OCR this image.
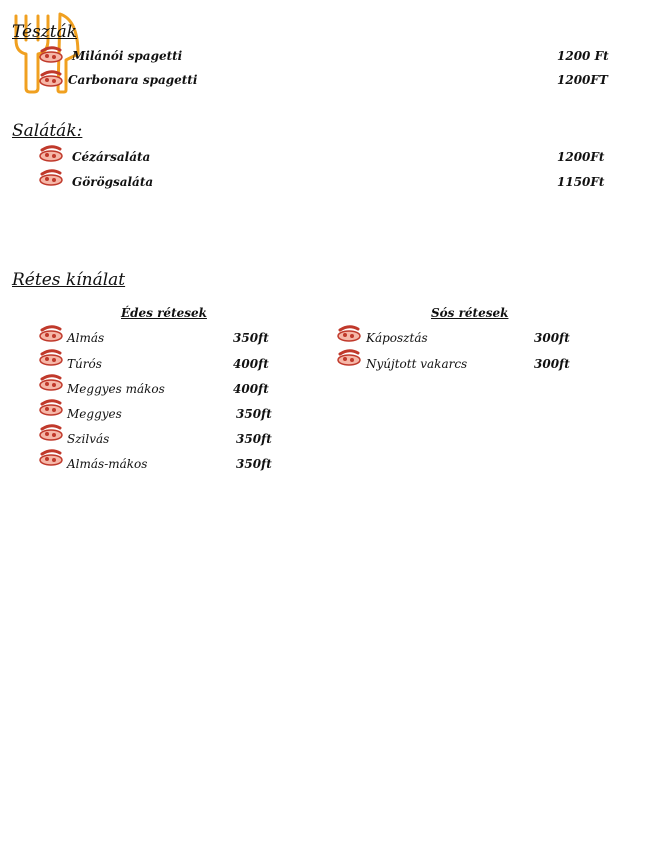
Tészták
Milánói spagetti	1200 Ft
Carbonara spagetti	1200FT
Saláták:
Cézársaláta	1200Ft
Görögsaláta	1150Ft
Rétes kínálat
Édes rétesek	Sós rétesek
Almás	350ft
Túrós	400ft
Meggyes mákos	400ft
Meggyes	350ft
Szilvás	350ft
Almás-mákos	350ft
Káposztás	300ft
Nyújtott vakarcs	300ft
